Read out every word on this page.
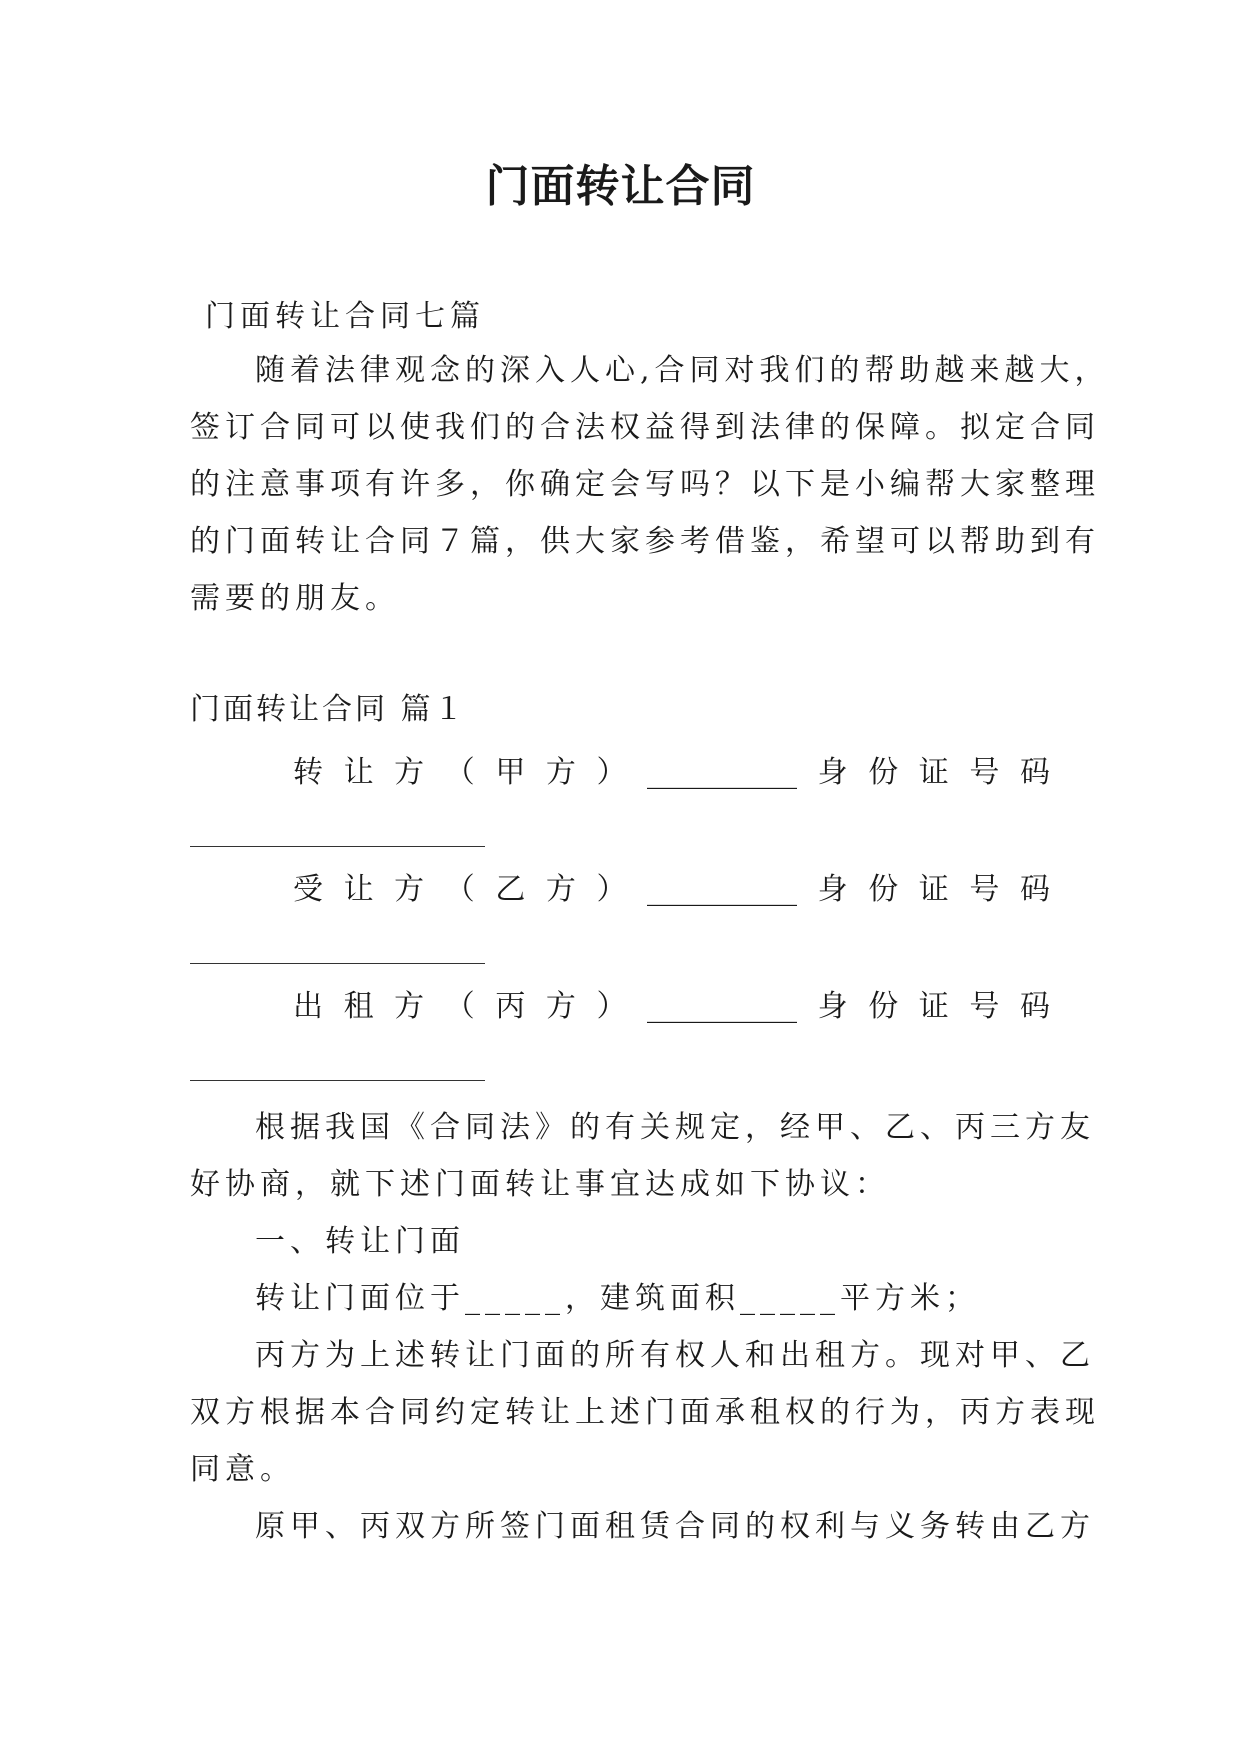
门面转让合同
门面转让合同七篇
随着法律观念的深入人心,合同对我们的帮助越来越大，
签订合同可以使我们的合法权益得到法律的保障。拟定合同
的注意事项有许多，你确定会写吗？以下是小编帮大家整理
的门面转让合同７篇，供大家参考借鉴，希望可以帮助到有
需要的朋友。
门面转让合同 篇１
转 让 方 （ 甲 方 ） __________ 身 份 证 号 码
受 让 方 （ 乙 方 ） __________ 身 份 证 号 码
出 租 方 （ 丙 方 ） __________ 身 份 证 号 码
根据我国《合同法》的有关规定，经甲、乙、丙三方友
好协商，就下述门面转让事宜达成如下协议：
一、转让门面
转让门面位于_____，建筑面积_____平方米；
丙方为上述转让门面的所有权人和出租方。现对甲、乙
双方根据本合同约定转让上述门面承租权的行为，丙方表现
同意。
原甲、丙双方所签门面租赁合同的权利与义务转由乙方
